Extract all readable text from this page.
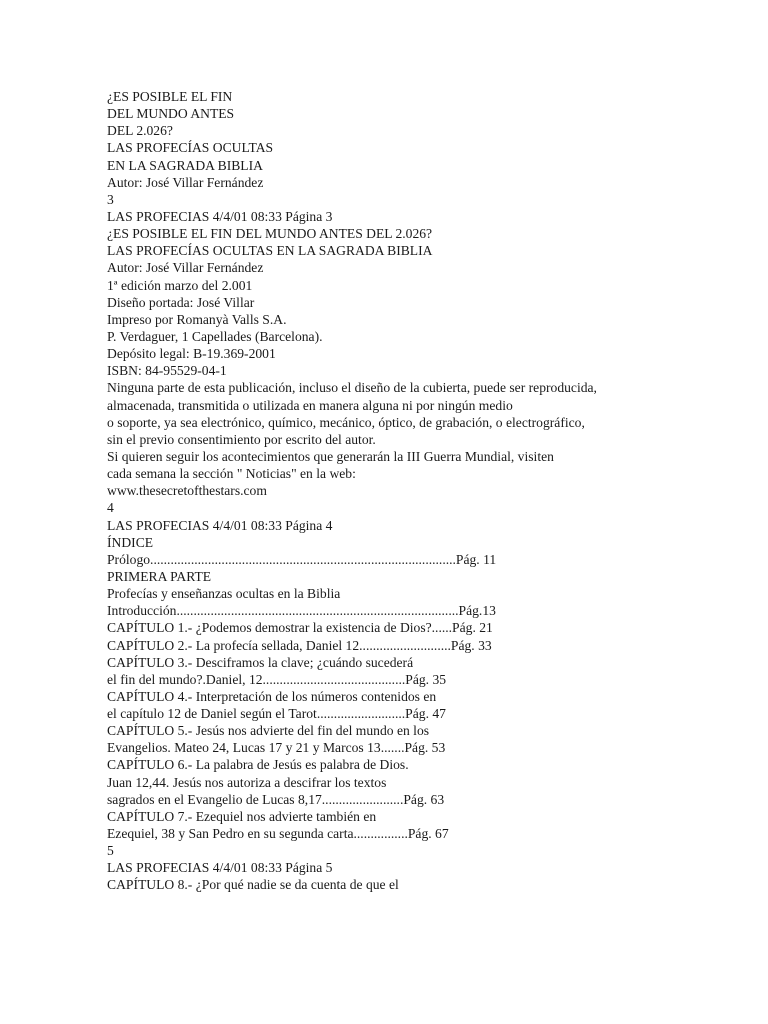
¿ES POSIBLE EL FIN
DEL MUNDO ANTES
DEL 2.026?
LAS PROFECÍAS OCULTAS
EN LA SAGRADA BIBLIA
Autor: José Villar Fernández
3
LAS PROFECIAS 4/4/01 08:33 Página 3
¿ES POSIBLE EL FIN DEL MUNDO ANTES DEL 2.026?
LAS PROFECÍAS OCULTAS EN LA SAGRADA BIBLIA
Autor: José Villar Fernández
1ª edición marzo del 2.001
Diseño portada: José Villar
Impreso por Romanyà Valls S.A.
P. Verdaguer, 1 Capellades (Barcelona).
Depósito legal: B-19.369-2001
ISBN: 84-95529-04-1
Ninguna parte de esta publicación, incluso el diseño de la cubierta, puede ser reproducida,
almacenada, transmitida o utilizada en manera alguna ni por ningún medio
o soporte, ya sea electrónico, químico, mecánico, óptico, de grabación, o electrográfico,
sin el previo consentimiento por escrito del autor.
Si quieren seguir los acontecimientos que generarán la III Guerra Mundial, visiten
cada semana la sección " Noticias" en la web:
www.thesecretofthestars.com
4
LAS PROFECIAS 4/4/01 08:33 Página 4
ÍNDICE
Prólogo..........................................................................................Pág. 11
PRIMERA PARTE
Profecías y enseñanzas ocultas en la Biblia
Introducción...................................................................................Pág.13
CAPÍTULO 1.- ¿Podemos demostrar la existencia de Dios?......Pág. 21
CAPÍTULO 2.- La profecía sellada, Daniel 12...........................Pág. 33
CAPÍTULO 3.- Desciframos la clave; ¿cuándo sucederá
el fin del mundo?.Daniel, 12..........................................Pág. 35
CAPÍTULO 4.- Interpretación de los números contenidos en
el capítulo 12 de Daniel según el Tarot..........................Pág. 47
CAPÍTULO 5.- Jesús nos advierte del fin del mundo en los
Evangelios. Mateo 24, Lucas 17 y 21 y Marcos 13.......Pág. 53
CAPÍTULO 6.- La palabra de Jesús es palabra de Dios.
Juan 12,44. Jesús nos autoriza a descifrar los textos
sagrados en el Evangelio de Lucas 8,17........................Pág. 63
CAPÍTULO 7.- Ezequiel nos advierte también en
Ezequiel, 38 y San Pedro en su segunda carta................Pág. 67
5
LAS PROFECIAS 4/4/01 08:33 Página 5
CAPÍTULO 8.- ¿Por qué nadie se da cuenta de que el
